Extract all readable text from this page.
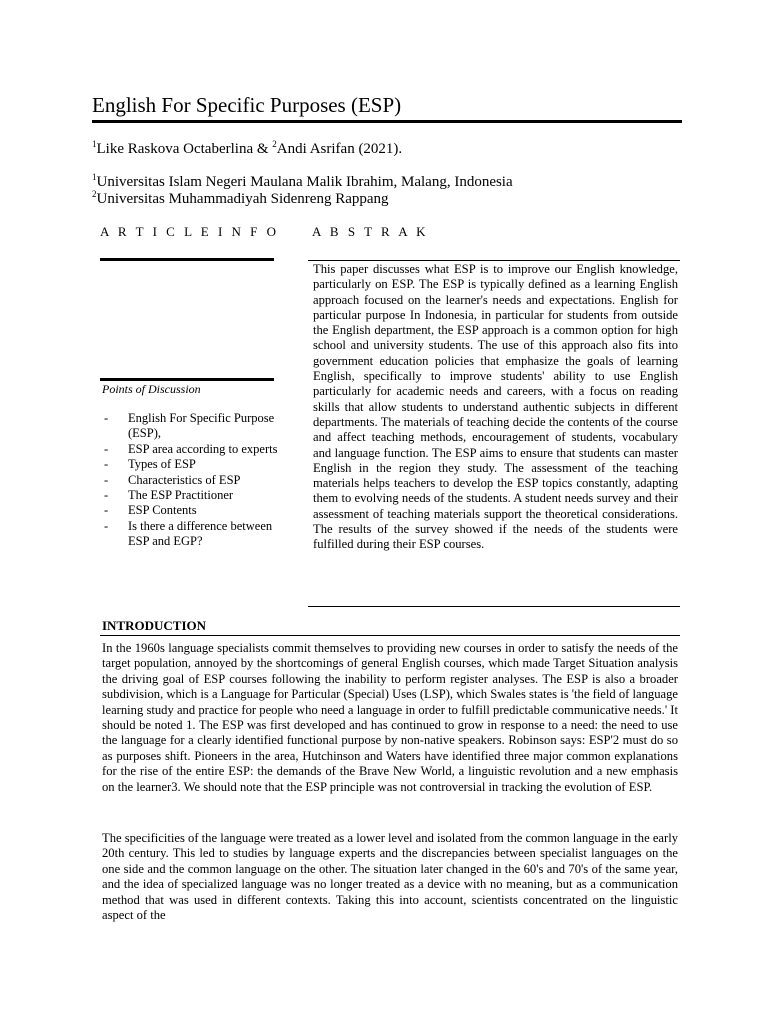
English For Specific Purposes (ESP)
$^1$Like Raskova Octaberlina & $^2$Andi Asrifan (2021).
$^1$Universitas Islam Negeri Maulana Malik Ibrahim, Malang, Indonesia
$^2$Universitas Muhammadiyah Sidenreng Rappang
A R T I C L E I N F O	A B S T R A K
Points of Discussion
- English For Specific Purpose (ESP),
- ESP area according to experts
- Types of ESP
- Characteristics of ESP
- The ESP Practitioner
- ESP Contents
- Is there a difference between ESP and EGP?

This paper discusses what ESP is to improve our English knowledge, particularly on ESP. The ESP is typically defined as a learning English approach focused on the learner's needs and expectations. English for particular purpose In Indonesia, in particular for students from outside the English department, the ESP approach is a common option for high school and university students. The use of this approach also fits into government education policies that emphasize the goals of learning English, specifically to improve students' ability to use English particularly for academic needs and careers, with a focus on reading skills that allow students to understand authentic subjects in different departments. The materials of teaching decide the contents of the course and affect teaching methods, encouragement of students, vocabulary and language function. The ESP aims to ensure that students can master English in the region they study. The assessment of the teaching materials helps teachers to develop the ESP topics constantly, adapting them to evolving needs of the students. A student needs survey and their assessment of teaching materials support the theoretical considerations. The results of the survey showed if the needs of the students were fulfilled during their ESP courses.

INTRODUCTION

In the 1960s language specialists commit themselves to providing new courses in order to satisfy the needs of the target population, annoyed by the shortcomings of general English courses, which made Target Situation analysis the driving goal of ESP courses following the inability to perform register analyses. The ESP is also a broader subdivision, which is a Language for Particular (Special) Uses (LSP), which Swales states is 'the field of language learning study and practice for people who need a language in order to fulfill predictable communicative needs.' It should be noted 1. The ESP was first developed and has continued to grow in response to a need: the need to use the language for a clearly identified functional purpose by non-native speakers. Robinson says: ESP'2 must do so as purposes shift. Pioneers in the area, Hutchinson and Waters have identified three major common explanations for the rise of the entire ESP: the demands of the Brave New World, a linguistic revolution and a new emphasis on the learner3. We should note that the ESP principle was not controversial in tracking the evolution of ESP.

The specificities of the language were treated as a lower level and isolated from the common language in the early 20th century. This led to studies by language experts and the discrepancies between specialist languages on the one side and the common language on the other. The situation later changed in the 60's and 70's of the same year, and the idea of specialized language was no longer treated as a device with no meaning, but as a communication method that was used in different contexts. Taking this into account, scientists concentrated on the linguistic aspect of the
